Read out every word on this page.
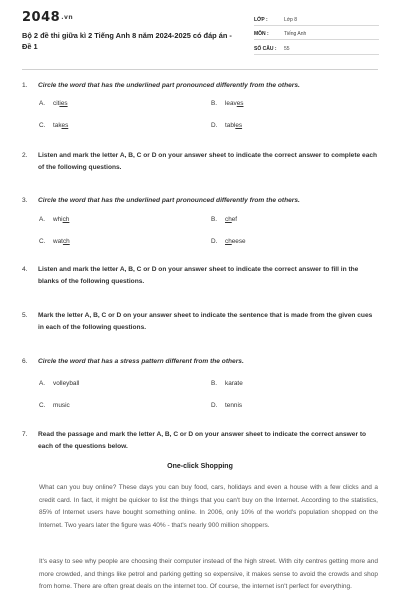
2048.vn
Bộ 2 đề thi giữa kì 2 Tiếng Anh 8 năm 2024-2025 có đáp án - Đề 1
LỚP :	Lớp 8
MÔN :	Tiếng Anh
SỐ CÂU : 55
1. Circle the word that has the underlined part pronounced differently from the others.
A. cities	B. leaves
C. takes	D. tables
2. Listen and mark the letter A, B, C or D on your answer sheet to indicate the correct answer to complete each of the following questions.
3. Circle the word that has the underlined part pronounced differently from the others.
A. which	B. chef
C. watch	D. cheese
4. Listen and mark the letter A, B, C or D on your answer sheet to indicate the correct answer to fill in the blanks of the following questions.
5. Mark the letter A, B, C or D on your answer sheet to indicate the sentence that is made from the given cues in each of the following questions.
6. Circle the word that has a stress pattern different from the others.
A. volleyball	B. karate
C. music	D. tennis
7. Read the passage and mark the letter A, B, C or D on your answer sheet to indicate the correct answer to each of the questions below.
One-click Shopping
What can you buy online? These days you can buy food, cars, holidays and even a house with a few clicks and a credit card. In fact, it might be quicker to list the things that you can't buy on the Internet. According to the statistics, 85% of Internet users have bought something online. In 2006, only 10% of the world's population shopped on the Internet. Two years later the figure was 40% - that's nearly 900 million shoppers.
It's easy to see why people are choosing their computer instead of the high street. With city centres getting more and more crowded, and things like petrol and parking getting so expensive, it makes sense to avoid the crowds and shop from home. There are often great deals on the internet too. Of course, the internet isn't perfect for everything.
